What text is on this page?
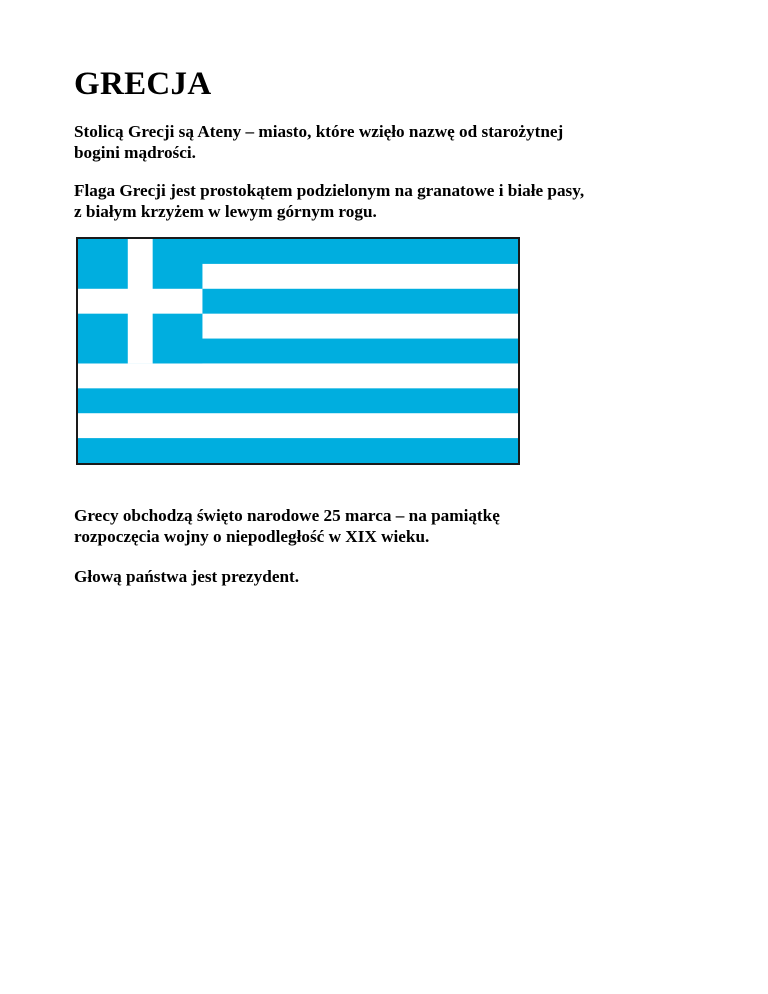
GRECJA

Stolicą Grecji są Ateny – miasto, które wzięło nazwę od starożytnej
bogini mądrości.

Flaga Grecji jest prostokątem podzielonym na granatowe i białe pasy,
z białym krzyżem w lewym górnym rogu.

Grecy obchodzą święto narodowe 25 marca – na pamiątkę
rozpoczęcia wojny o niepodległość w XIX wieku.

Głową państwa jest prezydent.
